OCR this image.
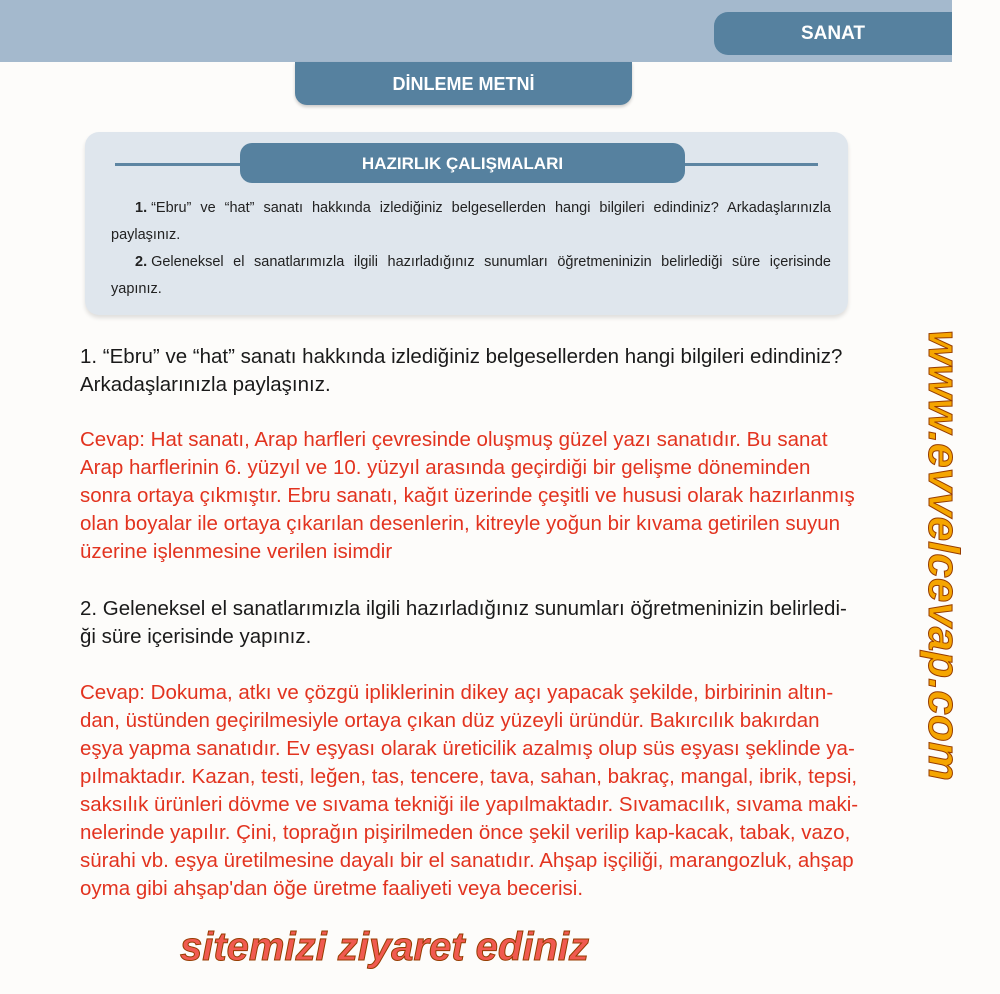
SANAT
DİNLEME METNİ
HAZIRLIK ÇALIŞMALARI
1. “Ebru” ve “hat” sanatı hakkında izlediğiniz belgesellerden hangi bilgileri edindiniz? Arkadaşlarınızla paylaşınız.
2. Geleneksel el sanatlarımızla ilgili hazırladığınız sunumları öğretmeninizin belirlediği süre içerisinde yapınız.
1. “Ebru” ve “hat” sanatı hakkında izlediğiniz belgesellerden hangi bilgileri edindiniz?
Arkadaşlarınızla paylaşınız.
Cevap: Hat sanatı, Arap harfleri çevresinde oluşmuş güzel yazı sanatıdır. Bu sanat
Arap harflerinin 6. yüzyıl ve 10. yüzyıl arasında geçirdiği bir gelişme döneminden
sonra ortaya çıkmıştır. Ebru sanatı, kağıt üzerinde çeşitli ve hususi olarak hazırlanmış
olan boyalar ile ortaya çıkarılan desenlerin, kitreyle yoğun bir kıvama getirilen suyun
üzerine işlenmesine verilen isimdir
2. Geleneksel el sanatlarımızla ilgili hazırladığınız sunumları öğretmeninizin belirledi-
ği süre içerisinde yapınız.
Cevap: Dokuma, atkı ve çözgü ipliklerinin dikey açı yapacak şekilde, birbirinin altın-
dan, üstünden geçirilmesiyle ortaya çıkan düz yüzeyli üründür. Bakırcılık bakırdan
eşya yapma sanatıdır. Ev eşyası olarak üreticilik azalmış olup süs eşyası şeklinde ya-
pılmaktadır. Kazan, testi, leğen, tas, tencere, tava, sahan, bakraç, mangal, ibrik, tepsi,
saksılık ürünleri dövme ve sıvama tekniği ile yapılmaktadır. Sıvamacılık, sıvama maki-
nelerinde yapılır. Çini, toprağın pişirilmeden önce şekil verilip kap-kacak, tabak, vazo,
sürahi vb. eşya üretilmesine dayalı bir el sanatıdır. Ahşap işçiliği, marangozluk, ahşap
oyma gibi ahşap'dan öğe üretme faaliyeti veya becerisi.
www.evvelcevap.com
sitemizi ziyaret ediniz
